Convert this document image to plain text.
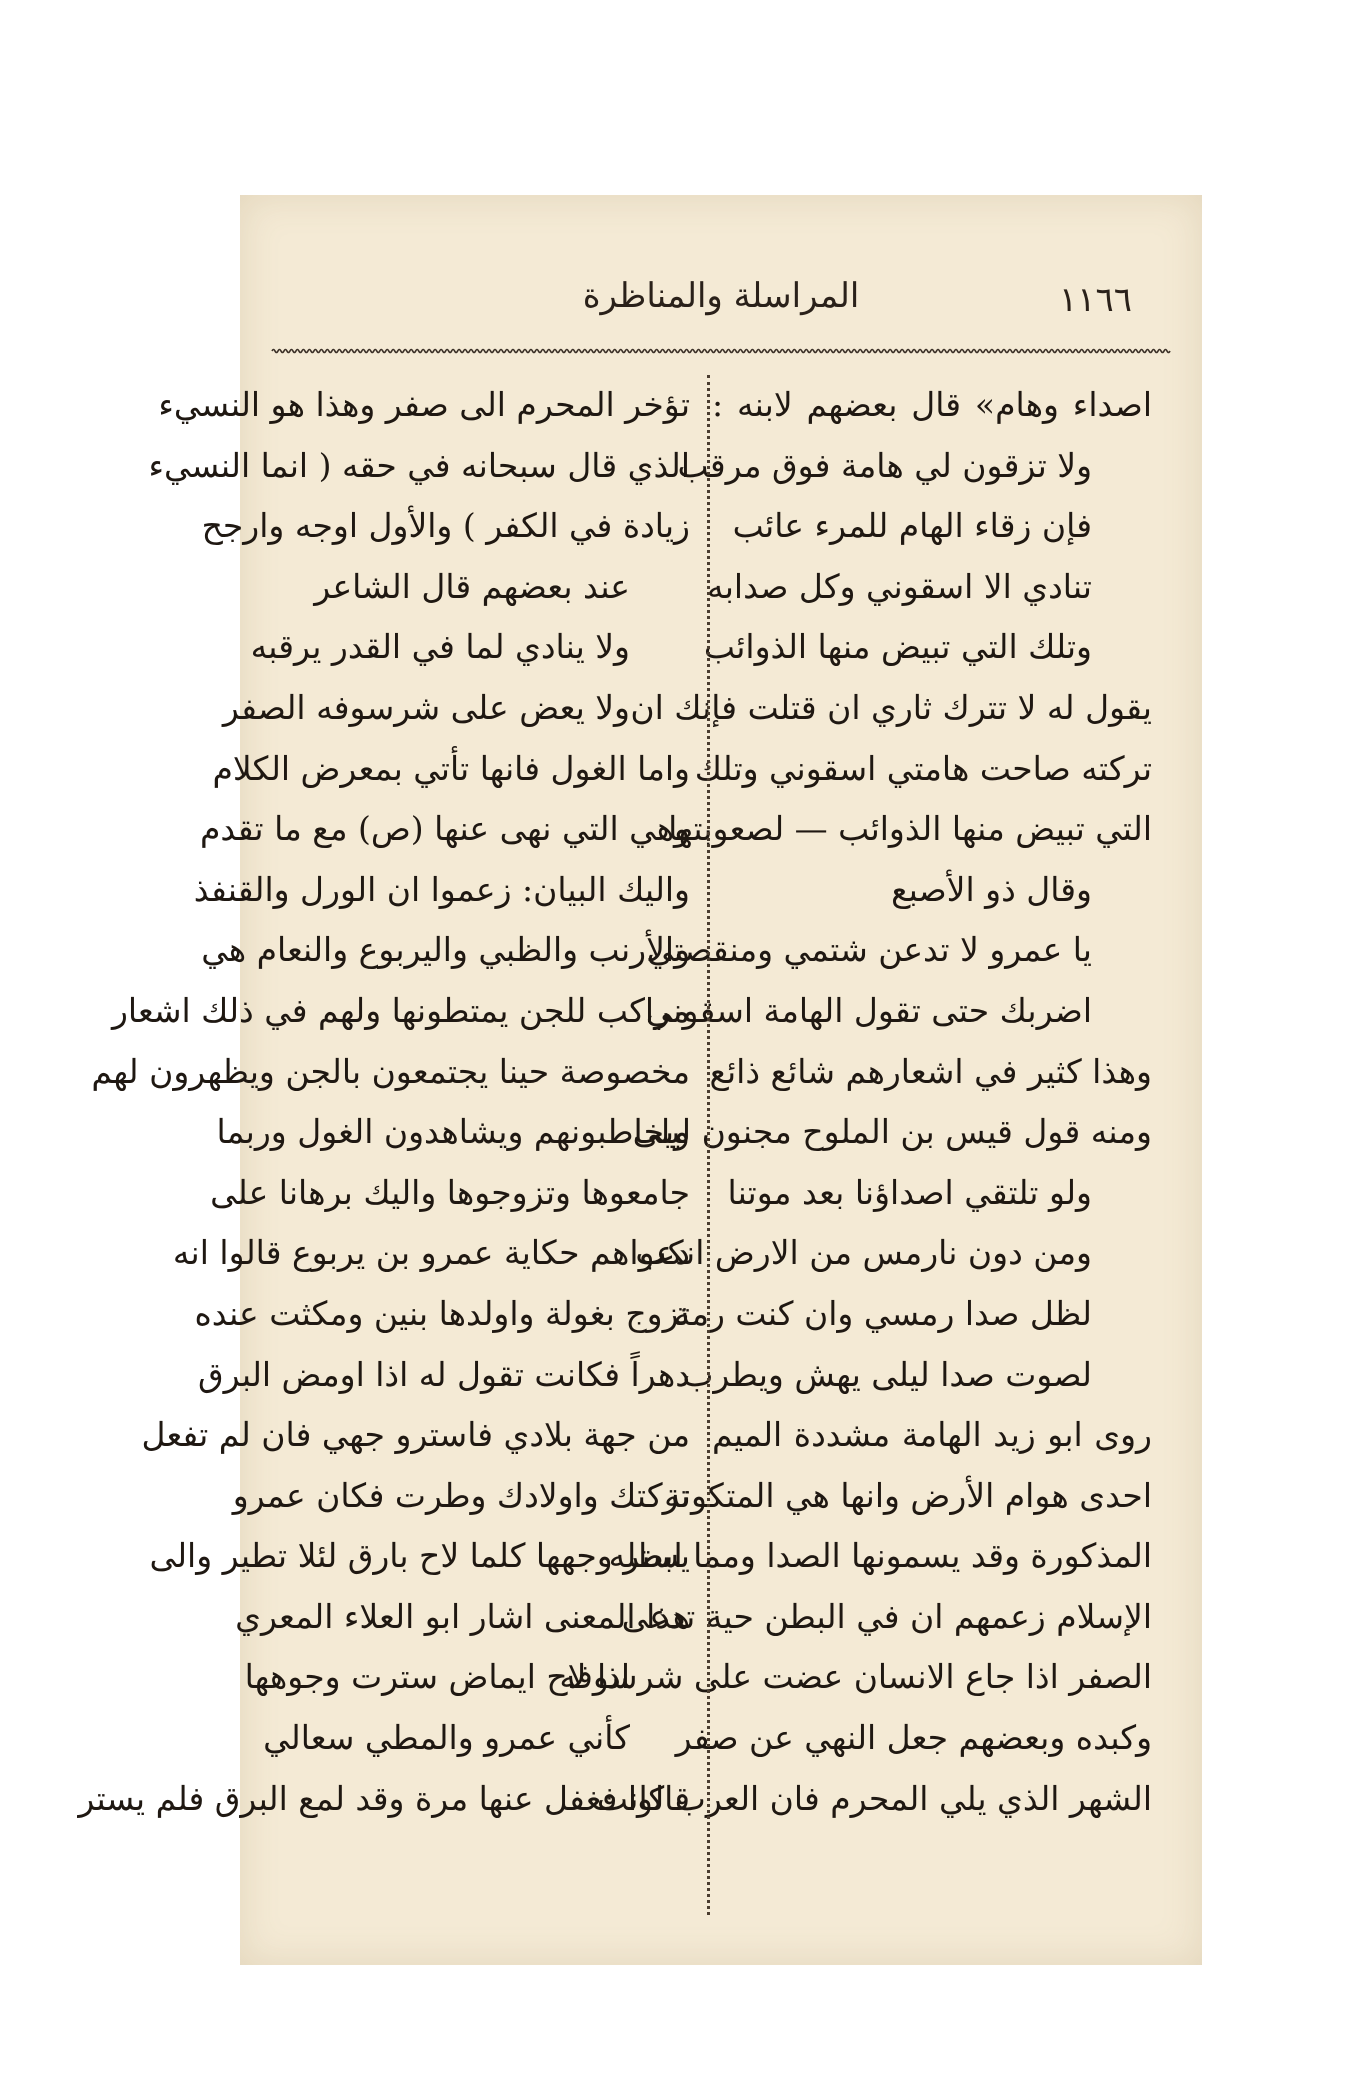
١١٦٦
المراسلة والمناظرة
اصداء وهام» قال بعضهم لابنه :
ولا تزقون لي هامة فوق مرقب
فإن زقاء الهام للمرء عائب
تنادي الا اسقوني وكل صدابه
وتلك التي تبيض منها الذوائب
يقول له لا تترك ثاري ان قتلت فإنك ان
تركته صاحت هامتي اسقوني وتلك
التي تبيض منها الذوائب — لصعوبتها
وقال ذو الأصبع
يا عمرو لا تدعن شتمي ومنقصتي
اضربك حتى تقول الهامة اسقوني
وهذا كثير في اشعارهم شائع ذائع
ومنه قول قيس بن الملوح مجنون ليلى
ولو تلتقي اصداؤنا بعد موتنا
ومن دون نارمس من الارض انكب
لظل صدا رمسي وان كنت رمة
لصوت صدا ليلى يهش ويطرب
روى ابو زيد الهامة مشددة الميم
احدى هوام الأرض وانها هي المتكونة
المذكورة وقد يسمونها الصدا ومما ابطله
الإسلام زعمهم ان في البطن حية تدعى
الصفر اذا جاع الانسان عضت على شرسوفه
وكبده وبعضهم جعل النهي عن صفر
الشهر الذي يلي المحرم فان العرب كانت
تؤخر المحرم الى صفر وهذا هو النسيء
الذي قال سبحانه في حقه ( انما النسيء
زيادة في الكفر ) والأول اوجه وارجح
عند بعضهم قال الشاعر
ولا ينادي لما في القدر يرقبه
ولا يعض على شرسوفه الصفر
واما الغول فانها تأتي بمعرض الكلام
وهي التي نهى عنها (ص) مع ما تقدم
واليك البيان: زعموا ان الورل والقنفذ
والأرنب والظبي واليربوع والنعام هي
مراكب للجن يمتطونها ولهم في ذلك اشعار
مخصوصة حينا يجتمعون بالجن ويظهرون لهم
ويخاطبونهم ويشاهدون الغول وربما
جامعوها وتزوجوها واليك برهانا على
دعواهم حكاية عمرو بن يربوع قالوا انه
تزوج بغولة واولدها بنين ومكثت عنده
دهراً فكانت تقول له اذا اومض البرق
من جهة بلادي فاسترو جهي فان لم تفعل
تركتك واولادك وطرت فكان عمرو
يستر وجهها كلما لاح بارق لئلا تطير والى
هذا المعنى اشار ابو العلاء المعري
اذا لاح ايماض سترت وجوهها
كأني عمرو والمطي سعالي
قالوا فغفل عنها مرة وقد لمع البرق فلم يستر
